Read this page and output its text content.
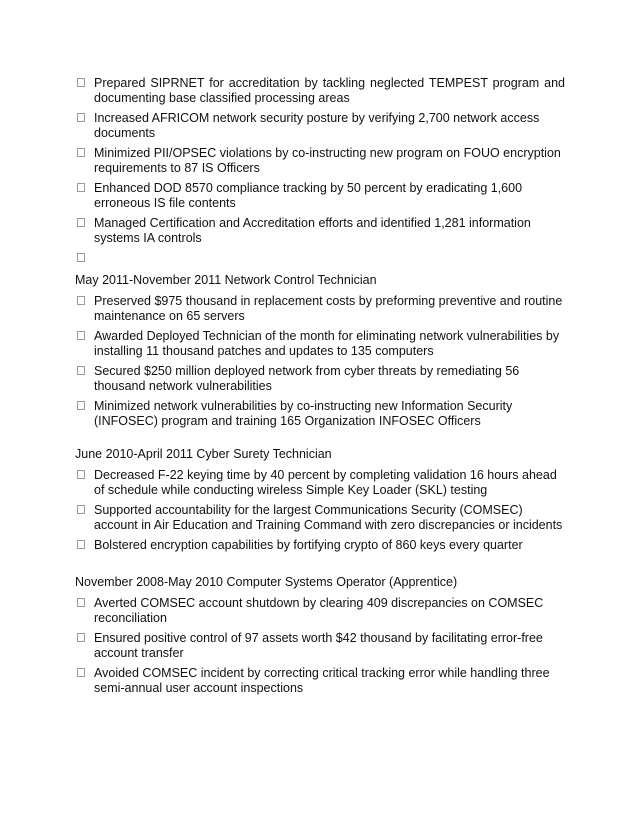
Prepared SIPRNET for accreditation by tackling neglected TEMPEST program and documenting base classified processing areas
Increased AFRICOM network security posture by verifying 2,700 network access documents
Minimized PII/OPSEC violations by co-instructing new program on FOUO encryption requirements to 87 IS Officers
Enhanced DOD 8570 compliance tracking by 50 percent by eradicating 1,600 erroneous IS file contents
Managed Certification and Accreditation efforts and identified 1,281 information systems IA controls

May 2011-November 2011 Network Control Technician

Preserved $975 thousand in replacement costs by preforming preventive and routine maintenance on 65 servers
Awarded Deployed Technician of the month for eliminating network vulnerabilities by installing 11 thousand patches and updates to 135 computers
Secured $250 million deployed network from cyber threats by remediating 56 thousand network vulnerabilities
Minimized network vulnerabilities by co-instructing new Information Security (INFOSEC) program and training 165 Organization INFOSEC Officers

June 2010-April 2011 Cyber Surety Technician

Decreased F-22 keying time by 40 percent by completing validation 16 hours ahead of schedule while conducting wireless Simple Key Loader (SKL) testing
Supported accountability for the largest Communications Security (COMSEC) account in Air Education and Training Command with zero discrepancies or incidents
Bolstered encryption capabilities by fortifying crypto of 860 keys every quarter

November 2008-May 2010 Computer Systems Operator (Apprentice)

Averted COMSEC account shutdown by clearing 409 discrepancies on COMSEC reconciliation
Ensured positive control of 97 assets worth $42 thousand by facilitating error-free account transfer
Avoided COMSEC incident by correcting critical tracking error while handling three semi-annual user account inspections
